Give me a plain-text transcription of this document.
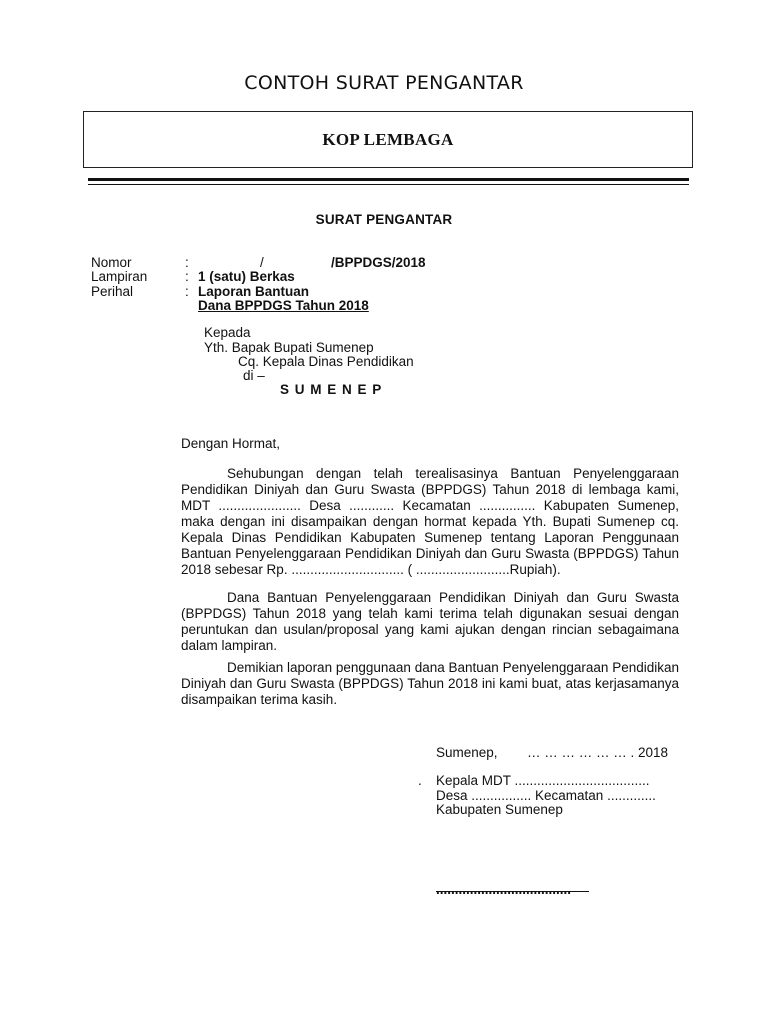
CONTOH SURAT PENGANTAR
KOP LEMBAGA
SURAT PENGANTAR
Nomor	:	/	/BPPDGS/2018
Lampiran	: 1 (satu) Berkas
Perihal	: Laporan Bantuan
Dana BPPDGS Tahun 2018
Kepada
Yth. Bapak Bupati Sumenep
Cq. Kepala Dinas Pendidikan
di –
S U M E N E P
Dengan Hormat,
Sehubungan dengan telah terealisasinya Bantuan Penyelenggaraan Pendidikan Diniyah dan Guru Swasta (BPPDGS) Tahun 2018 di lembaga kami, MDT ...................... Desa ............ Kecamatan ............... Kabupaten Sumenep, maka dengan ini disampaikan dengan hormat kepada Yth. Bupati Sumenep cq. Kepala Dinas Pendidikan Kabupaten Sumenep tentang Laporan Penggunaan Bantuan Penyelenggaraan Pendidikan Diniyah dan Guru Swasta (BPPDGS) Tahun 2018 sebesar Rp. .............................. ( .........................Rupiah).
Dana Bantuan Penyelenggaraan Pendidikan Diniyah dan Guru Swasta (BPPDGS) Tahun 2018 yang telah kami terima telah digunakan sesuai dengan peruntukan dan usulan/proposal yang kami ajukan dengan rincian sebagaimana dalam lampiran.
Demikian laporan penggunaan dana Bantuan Penyelenggaraan Pendidikan Diniyah dan Guru Swasta (BPPDGS) Tahun 2018 ini kami buat, atas kerjasamanya disampaikan terima kasih.
Sumenep, … … … … … … . 2018
. Kepala MDT ....................................
Desa ................ Kecamatan .............
Kabupaten Sumenep
....................................
